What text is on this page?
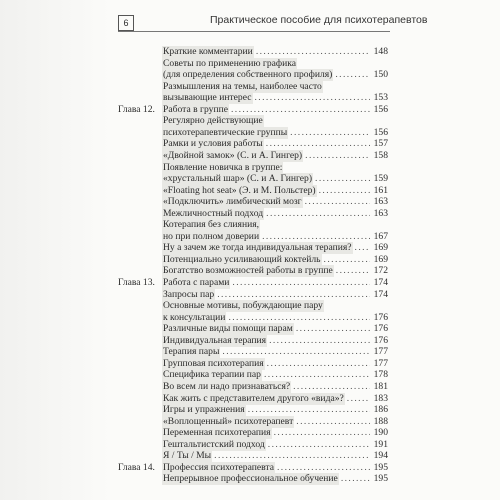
6	Практическое пособие для психотерапевтов
Краткие комментарии .....	148
Советы по применению графика
(для определения собственного профиля) .....	150
Размышления на темы, наиболее часто
вызывающие интерес .....	153
Глава 12. Работа в группе .....	156
Регулярно действующие
психотерапевтические группы .....	156
Рамки и условия работы .....	157
«Двойной замок» (С. и А. Гингер) .....	158
Появление новичка в группе:
«хрустальный шар» (С. и А. Гингер) .....	159
«Floating hot seat» (Э. и М. Польстер) .....	161
«Подключить» лимбический мозг .....	163
Межличностный подход .....	163
Котерапия без слияния,
но при полном доверии .....	167
Ну а зачем же тогда индивидуальная терапия? ..... 169
Потенциально усиливающий коктейль .....	169
Богатство возможностей работы в группе .....	172
Глава 13. Работа с парами .....	174
Запросы пар .....	174
Основные мотивы, побуждающие пару
к консультации .....	176
Различные виды помощи парам .....	176
Индивидуальная терапия .....	176
Терапия пары .....	177
Групповая психотерапия .....	177
Специфика терапии пар .....	178
Во всем ли надо признаваться? .....	181
Как жить с представителем другого «вида»? .....	183
Игры и упражнения .....	186
«Воплощенный» психотерапевт .....	188
Переменная психотерапия .....	190
Гештальтистский подход .....	191
Я / Ты / Мы .....	194
Глава 14. Профессия психотерапевта .....	195
Непрерывное профессиональное обучение .....	195
